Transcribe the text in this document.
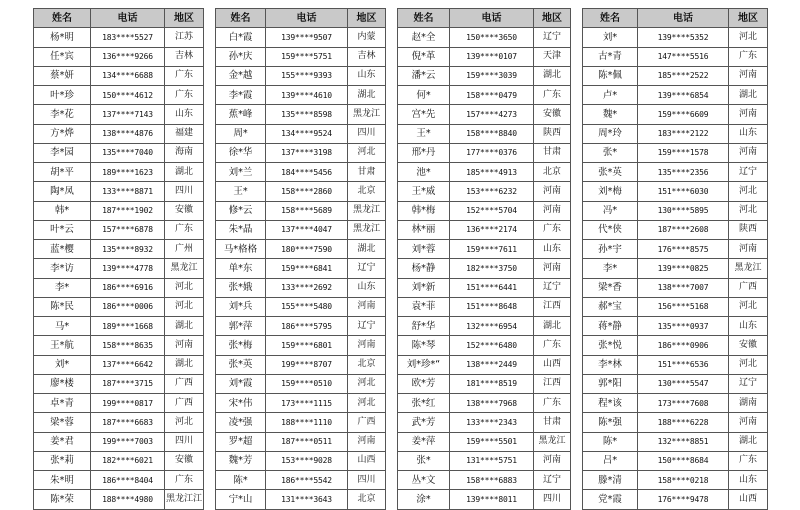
姓名	电话	地区
杨*明	183****5527	江苏
任*宾	136****9266	吉林
蔡*妍	134****6688	广东
叶*珍	150****4612	广东
李*花	137****7143	山东
方*烨	138****4876	福建
李*园	135****7040	海南
胡*平	189****1623	湖北
陶*凤	133****8871	四川
韩*	187****1902	安徽
叶*云	157****6878	广东
蓝*樱	135****8932	广州
李*访	139****4778	黑龙江
李*	186****6916	河北
陈*民	186****0006	河北
马*	189****1668	湖北
王*航	158****8635	河南
刘*	137****6642	湖北
廖*楼	187****3715	广西
卓*青	199****0817	广西
梁*蓉	187****6683	河北
姜*君	199****7003	四川
张*莉	182****6021	安徽
朱*明	186****8404	广东
陈*荣	188****4980	黑龙江江
姓名	电话	地区
白*霞	139****9507	内蒙
孙*庆	159****5751	吉林
金*越	155****9393	山东
李*霞	139****4610	湖北
蕉*峰	135****8598	黑龙江
周*	134****9524	四川
徐*华	137****3198	河北
刘*兰	184****5456	甘肃
王*	158****2860	北京
修*云	158****5689	黑龙江
朱*晶	137****4047	黑龙江
马*格格	180****7590	湖北
单*东	159****6841	辽宁
张*娥	133****2692	山东
刘*兵	155****5480	河南
郭*萍	186****5795	辽宁
张*梅	159****6801	河南
张*英	199****8707	北京
刘*霞	159****0510	河北
宋*伟	173****1115	河北
凌*强	188****1110	广西
罗*超	187****0511	河南
魏*芳	153****9028	山西
陈*	186****5542	四川
宁*山	131****3643	北京
姓名	电话	地区
赵*全	150****3650	辽宁
倪*革	139****0107	天津
潘*云	159****3039	湖北
何*	158****0479	广东
宫*先	157****4273	安徽
王*	158****8840	陕西
邢*丹	177****0376	甘肃
池*	185****4913	北京
王*威	153****6232	河南
韩*梅	152****5704	河南
林*丽	136****2174	广东
刘*蓉	159****7611	山东
杨*静	182****3750	河南
刘*新	151****6441	辽宁
袁*菲	151****8648	江西
舒*华	132****6954	湖北
陈*琴	152****6480	广东
刘*珍*“	138****2449	山西
欧*芳	181****8519	江西
张*红	138****7968	广东
武*芳	133****2343	甘肃
姜*萍	159****5501	黑龙江
张*	131****5751	河南
丛*文	158****6883	辽宁
涂*	139****8011	四川
姓名	电话	地区
刘*	139****5352	河北
古*青	147****5516	广东
陈*佩	185****2522	河南
卢*	139****6854	湖北
魏*	159****6609	河南
周*玲	183****2122	山东
张*	159****1578	河南
张*英	135****2356	辽宁
刘*梅	151****6030	河北
冯*	130****5895	河北
代*侠	187****2608	陕西
孙*宇	176****8575	河南
李*	139****0825	黑龙江
梁*香	138****7007	广西
郝*宝	156****5168	河北
蒋*静	135****0937	山东
张*悦	186****0906	安徽
李*林	151****6536	河北
郭*阳	130****5547	辽宁
程*该	173****7608	湖南
陈*强	188****6228	河南
陈*	132****8851	湖北
吕*	150****8684	广东
滕*清	158****0218	山东
党*霞	176****9478	山西
